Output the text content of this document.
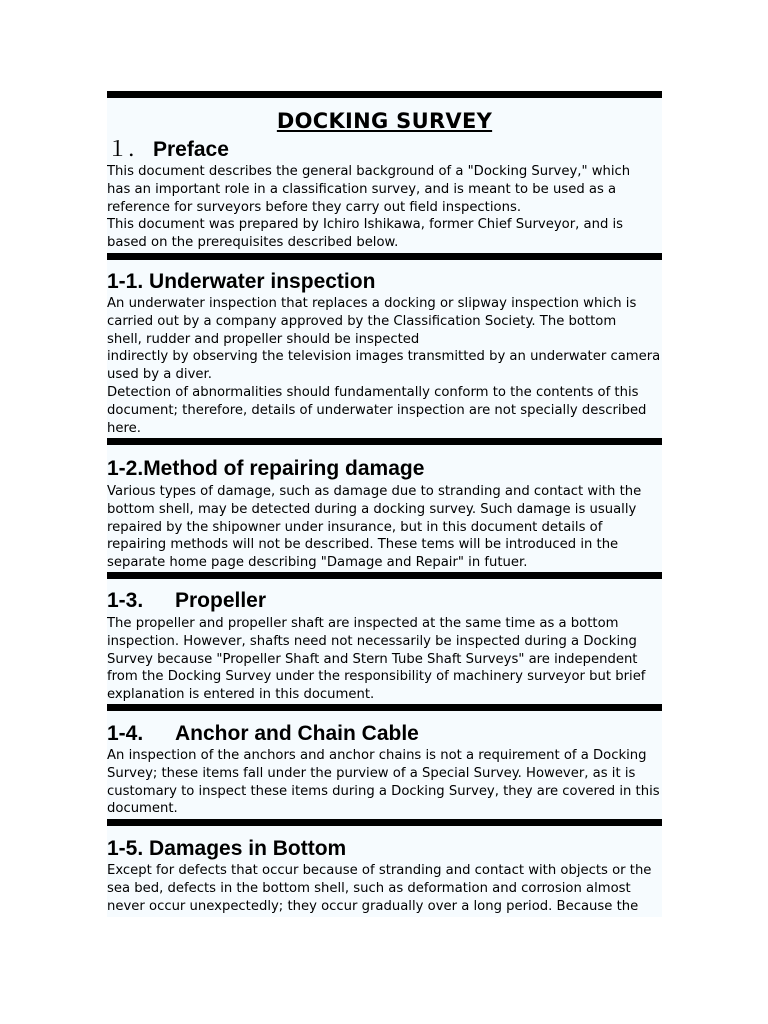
DOCKING SURVEY
１． Preface

This document describes the general background of a "Docking Survey," which

has an important role in a classification survey, and is meant to be used as a

reference for surveyors before they carry out field inspections.

This document was prepared by Ichiro Ishikawa, former Chief Surveyor, and is

based on the prerequisites described below.

1-1. Underwater inspection

An underwater inspection that replaces a docking or slipway inspection which is

carried out by a company approved by the Classification Society. The bottom

shell, rudder and propeller should be inspected

indirectly by observing the television images transmitted by an underwater camera

used by a diver.

Detection of abnormalities should fundamentally conform to the contents of this

document; therefore, details of underwater inspection are not specially described

here.

1-2.Method of repairing damage

Various types of damage, such as damage due to stranding and contact with the

bottom shell, may be detected during a docking survey. Such damage is usually

repaired by the shipowner under insurance, but in this document details of

repairing methods will not be described. These tems will be introduced in the

separate home page describing "Damage and Repair" in futuer.

1-3. Propeller

The propeller and propeller shaft are inspected at the same time as a bottom

inspection. However, shafts need not necessarily be inspected during a Docking

Survey because "Propeller Shaft and Stern Tube Shaft Surveys" are independent

from the Docking Survey under the responsibility of machinery surveyor but brief

explanation is entered in this document.

1-4. Anchor and Chain Cable

An inspection of the anchors and anchor chains is not a requirement of a Docking

Survey; these items fall under the purview of a Special Survey. However, as it is

customary to inspect these items during a Docking Survey, they are covered in this

document.

1-5. Damages in Bottom

Except for defects that occur because of stranding and contact with objects or the

sea bed, defects in the bottom shell, such as deformation and corrosion almost

never occur unexpectedly; they occur gradually over a long period. Because the
